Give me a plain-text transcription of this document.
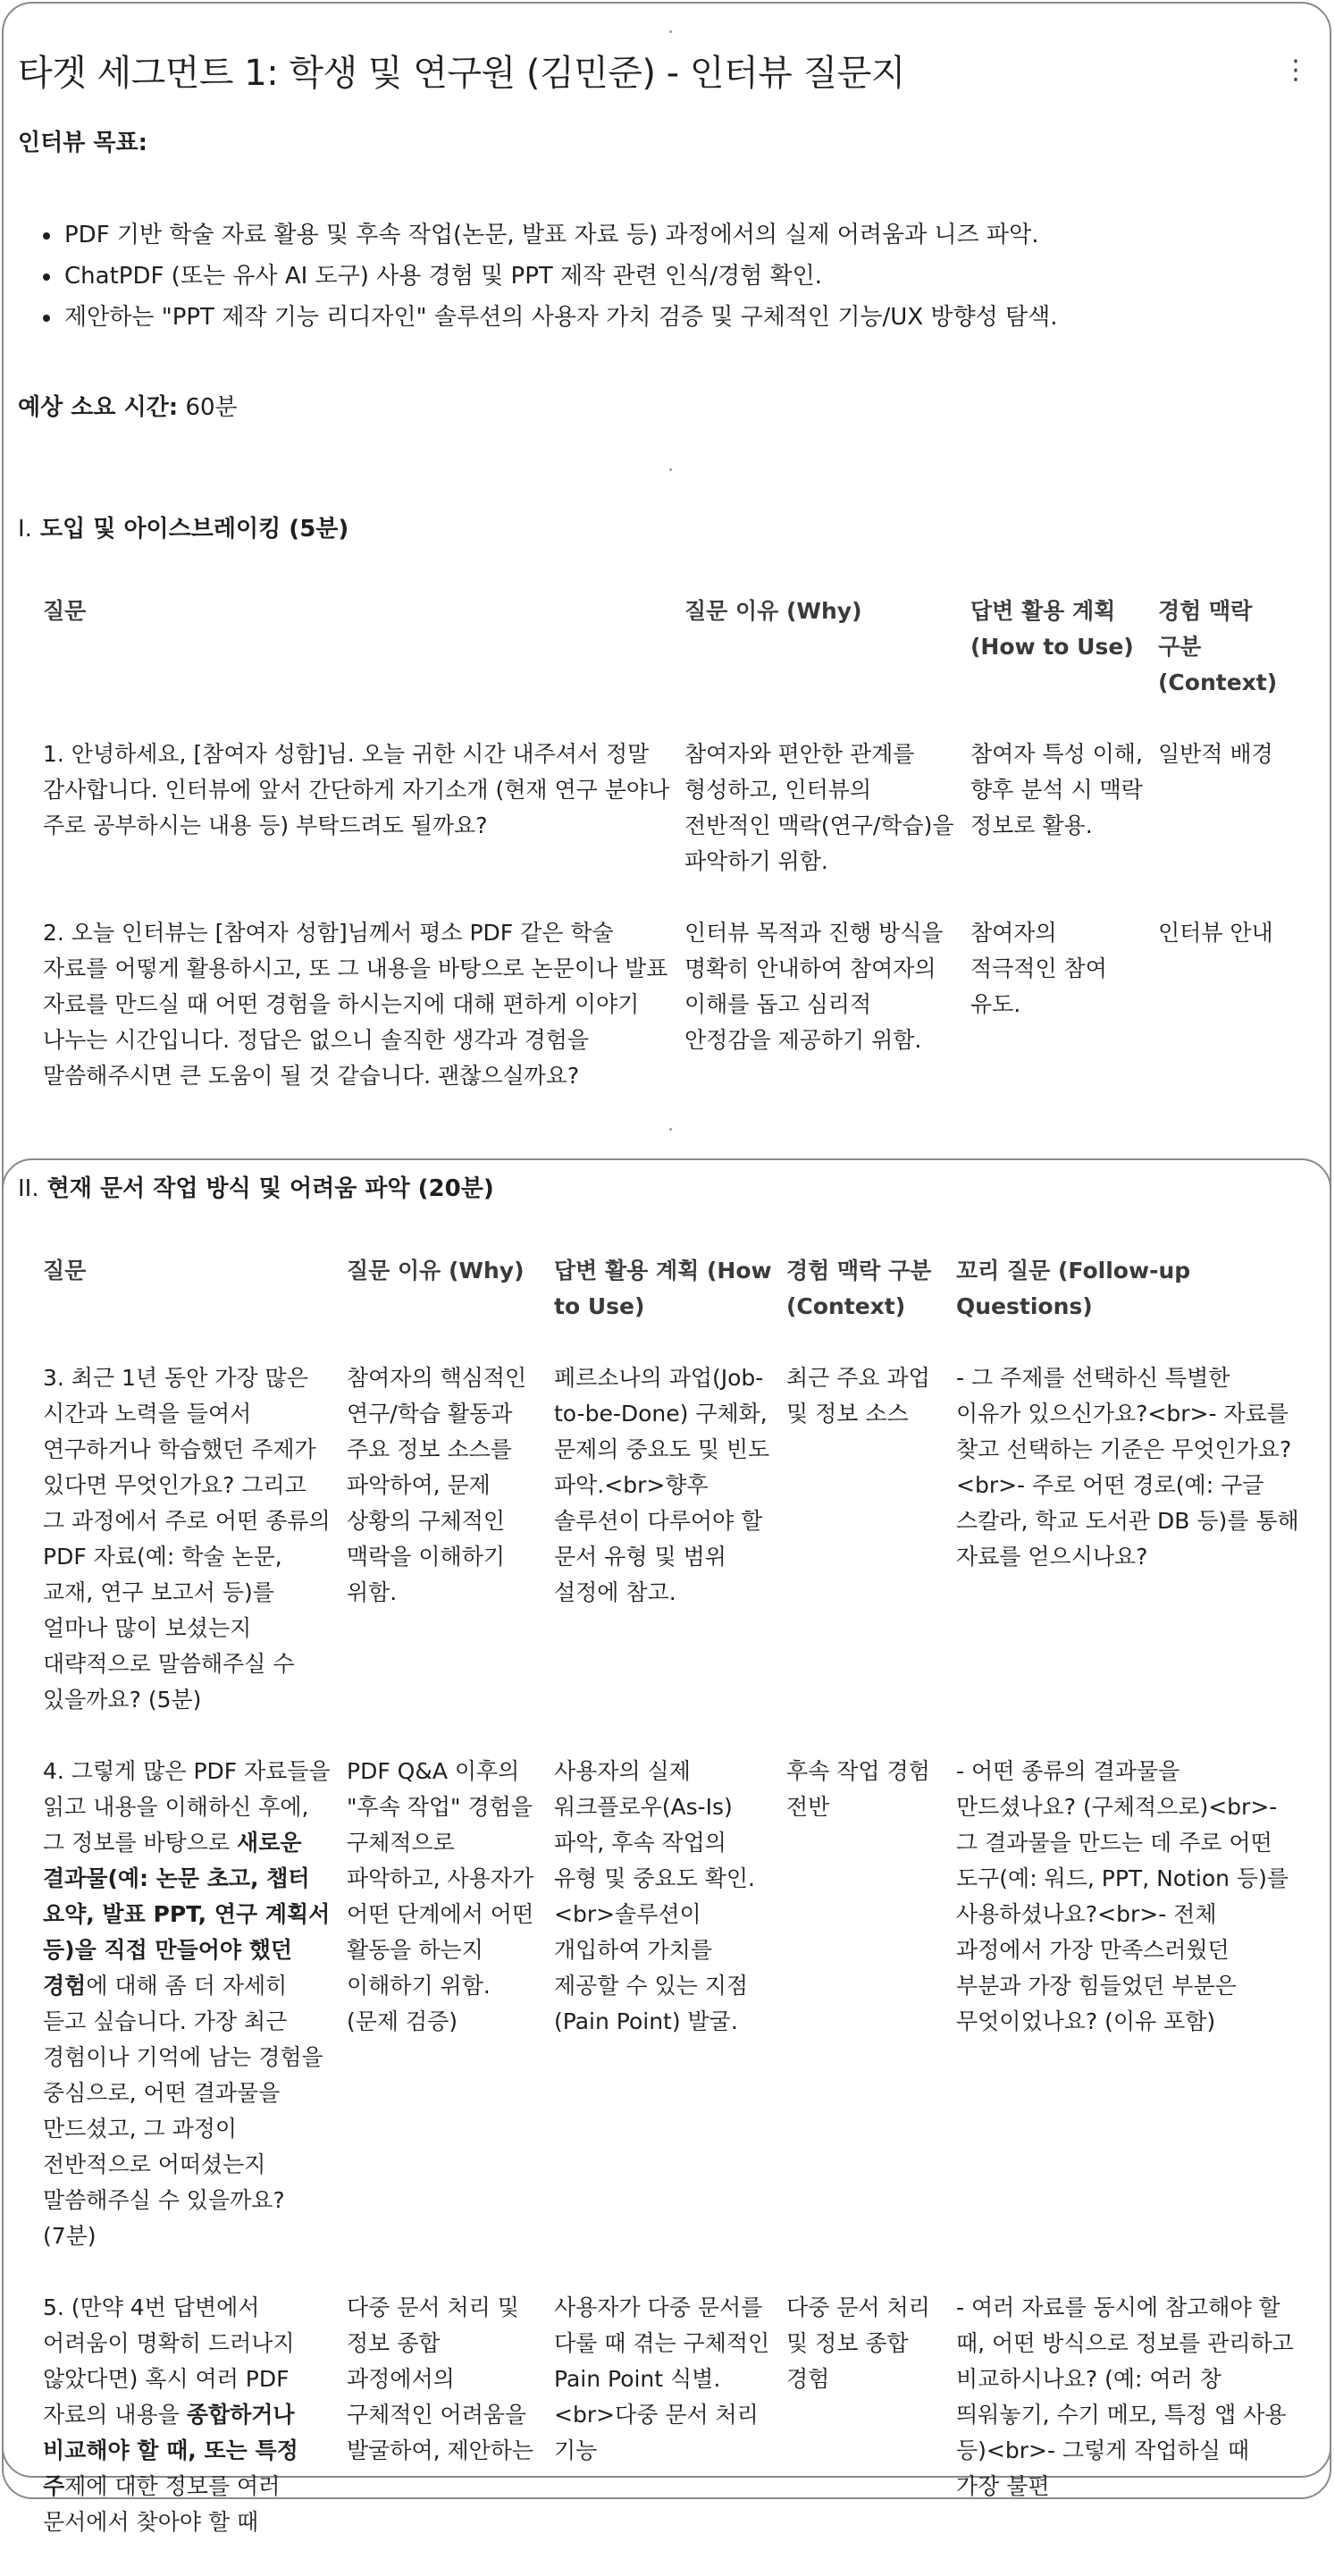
타겟 세그먼트 1: 학생 및 연구원 (김민준) - 인터뷰 질문지	⋮
인터뷰 목표:
• PDF 기반 학술 자료 활용 및 후속 작업(논문, 발표 자료 등) 과정에서의 실제 어려움과 니즈 파악.
• ChatPDF (또는 유사 AI 도구) 사용 경험 및 PPT 제작 관련 인식/경험 확인.
• 제안하는 "PPT 제작 기능 리디자인" 솔루션의 사용자 가치 검증 및 구체적인 기능/UX 방향성 탐색.
예상 소요 시간: 60분
I. 도입 및 아이스브레이킹 (5분)
질문	질문 이유 (Why)	답변 활용 계획 (How to Use)	경험 맥락 구분 (Context)
1. 안녕하세요, [참여자 성함]님. 오늘 귀한 시간 내주셔서 정말 감사합니다. 인터뷰에 앞서 간단하게 자기소개 (현재 연구 분야나 주로 공부하시는 내용 등) 부탁드려도 될까요?	참여자와 편안한 관계를 형성하고, 인터뷰의 전반적인 맥락(연구/학습)을 파악하기 위함.	참여자 특성 이해, 향후 분석 시 맥락 정보로 활용.	일반적 배경
2. 오늘 인터뷰는 [참여자 성함]님께서 평소 PDF 같은 학술 자료를 어떻게 활용하시고, 또 그 내용을 바탕으로 논문이나 발표 자료를 만드실 때 어떤 경험을 하시는지에 대해 편하게 이야기 나누는 시간입니다. 정답은 없으니 솔직한 생각과 경험을 말씀해주시면 큰 도움이 될 것 같습니다. 괜찮으실까요?	인터뷰 목적과 진행 방식을 명확히 안내하여 참여자의 이해를 돕고 심리적 안정감을 제공하기 위함.	참여자의 적극적인 참여 유도.	인터뷰 안내
II. 현재 문서 작업 방식 및 어려움 파악 (20분)
질문	질문 이유 (Why)	답변 활용 계획 (How to Use)	경험 맥락 구분 (Context)	꼬리 질문 (Follow-up Questions)
3. 최근 1년 동안 가장 많은 시간과 노력을 들여서 연구하거나 학습했던 주제가 있다면 무엇인가요? 그리고 그 과정에서 주로 어떤 종류의 PDF 자료(예: 학술 논문, 교재, 연구 보고서 등)를 얼마나 많이 보셨는지 대략적으로 말씀해주실 수 있을까요? (5분)	참여자의 핵심적인 연구/학습 활동과 주요 정보 소스를 파악하여, 문제 상황의 구체적인 맥락을 이해하기 위함.	페르소나의 과업(Job-to-be-Done) 구체화, 문제의 중요도 및 빈도 파악.<br>향후 솔루션이 다루어야 할 문서 유형 및 범위 설정에 참고.	최근 주요 과업 및 정보 소스	- 그 주제를 선택하신 특별한 이유가 있으신가요?<br>- 자료를 찾고 선택하는 기준은 무엇인가요?<br>- 주로 어떤 경로(예: 구글 스칼라, 학교 도서관 DB 등)를 통해 자료를 얻으시나요?
4. 그렇게 많은 PDF 자료들을 읽고 내용을 이해하신 후에, 그 정보를 바탕으로 새로운 결과물(예: 논문 초고, 챕터 요약, 발표 PPT, 연구 계획서 등)을 직접 만들어야 했던 경험에 대해 좀 더 자세히 듣고 싶습니다. 가장 최근 경험이나 기억에 남는 경험을 중심으로, 어떤 결과물을 만드셨고, 그 과정이 전반적으로 어떠셨는지 말씀해주실 수 있을까요? (7분)	PDF Q&A 이후의 "후속 작업" 경험을 구체적으로 파악하고, 사용자가 어떤 단계에서 어떤 활동을 하는지 이해하기 위함. (문제 검증)	사용자의 실제 워크플로우(As-Is) 파악, 후속 작업의 유형 및 중요도 확인.<br>솔루션이 개입하여 가치를 제공할 수 있는 지점(Pain Point) 발굴.	후속 작업 경험 전반	- 어떤 종류의 결과물을 만드셨나요? (구체적으로)<br>- 그 결과물을 만드는 데 주로 어떤 도구(예: 워드, PPT, Notion 등)를 사용하셨나요?<br>- 전체 과정에서 가장 만족스러웠던 부분과 가장 힘들었던 부분은 무엇이었나요? (이유 포함)
5. (만약 4번 답변에서 어려움이 명확히 드러나지 않았다면) 혹시 여러 PDF 자료의 내용을 종합하거나 비교해야 할 때, 또는 특정 주제에 대한 정보를 여러 문서에서 찾아야 할 때	다중 문서 처리 및 정보 종합 과정에서의 구체적인 어려움을 발굴하여, 제안하는	사용자가 다중 문서를 다룰 때 겪는 구체적인 Pain Point 식별.<br>다중 문서 처리 기능	다중 문서 처리 및 정보 종합 경험	- 여러 자료를 동시에 참고해야 할 때, 어떤 방식으로 정보를 관리하고 비교하시나요? (예: 여러 창 띄워놓기, 수기 메모, 특정 앱 사용 등)<br>- 그렇게 작업하실 때 가장 불편
